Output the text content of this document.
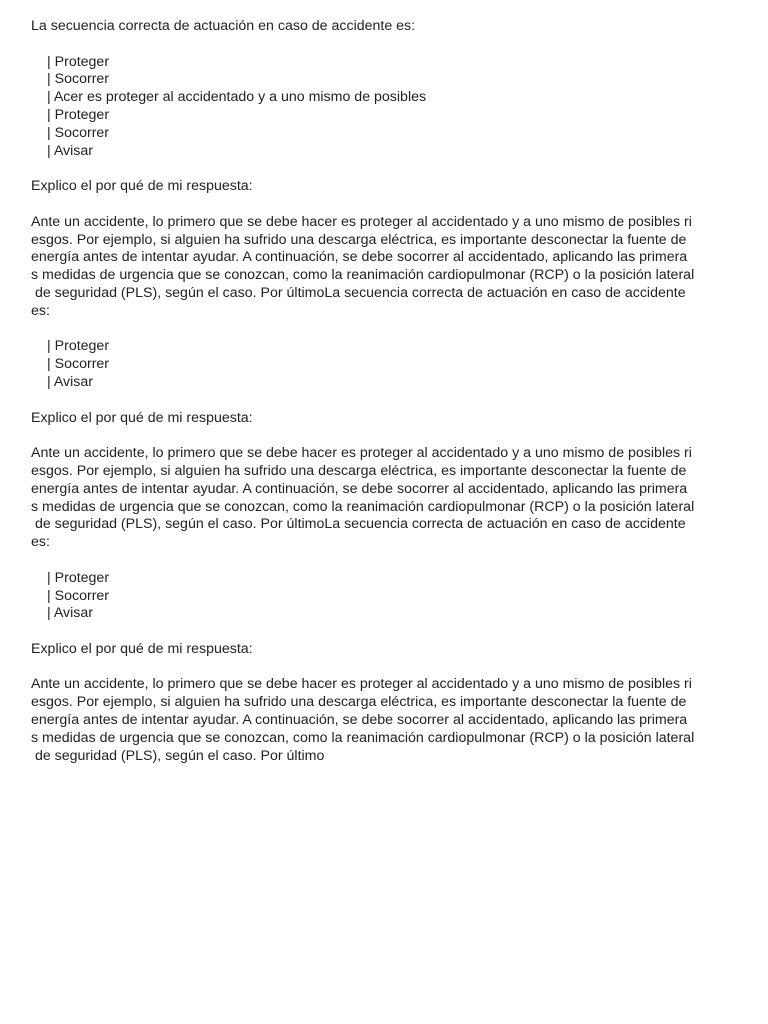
La secuencia correcta de actuación en caso de accidente es:
| Proteger
| Socorrer
| Acer es proteger al accidentado y a uno mismo de posibles
| Proteger
| Socorrer
| Avisar
Explico el por qué de mi respuesta:
Ante un accidente, lo primero que se debe hacer es proteger al accidentado y a uno mismo de posibles ri
esgos. Por ejemplo, si alguien ha sufrido una descarga eléctrica, es importante desconectar la fuente de
energía antes de intentar ayudar. A continuación, se debe socorrer al accidentado, aplicando las primera
s medidas de urgencia que se conozcan, como la reanimación cardiopulmonar (RCP) o la posición lateral
de seguridad (PLS), según el caso. Por últimoLa secuencia correcta de actuación en caso de accidente
es:
| Proteger
| Socorrer
| Avisar
Explico el por qué de mi respuesta:
Ante un accidente, lo primero que se debe hacer es proteger al accidentado y a uno mismo de posibles ri
esgos. Por ejemplo, si alguien ha sufrido una descarga eléctrica, es importante desconectar la fuente de
energía antes de intentar ayudar. A continuación, se debe socorrer al accidentado, aplicando las primera
s medidas de urgencia que se conozcan, como la reanimación cardiopulmonar (RCP) o la posición lateral
de seguridad (PLS), según el caso. Por últimoLa secuencia correcta de actuación en caso de accidente
es:
| Proteger
| Socorrer
| Avisar
Explico el por qué de mi respuesta:
Ante un accidente, lo primero que se debe hacer es proteger al accidentado y a uno mismo de posibles ri
esgos. Por ejemplo, si alguien ha sufrido una descarga eléctrica, es importante desconectar la fuente de
energía antes de intentar ayudar. A continuación, se debe socorrer al accidentado, aplicando las primera
s medidas de urgencia que se conozcan, como la reanimación cardiopulmonar (RCP) o la posición lateral
de seguridad (PLS), según el caso. Por último
